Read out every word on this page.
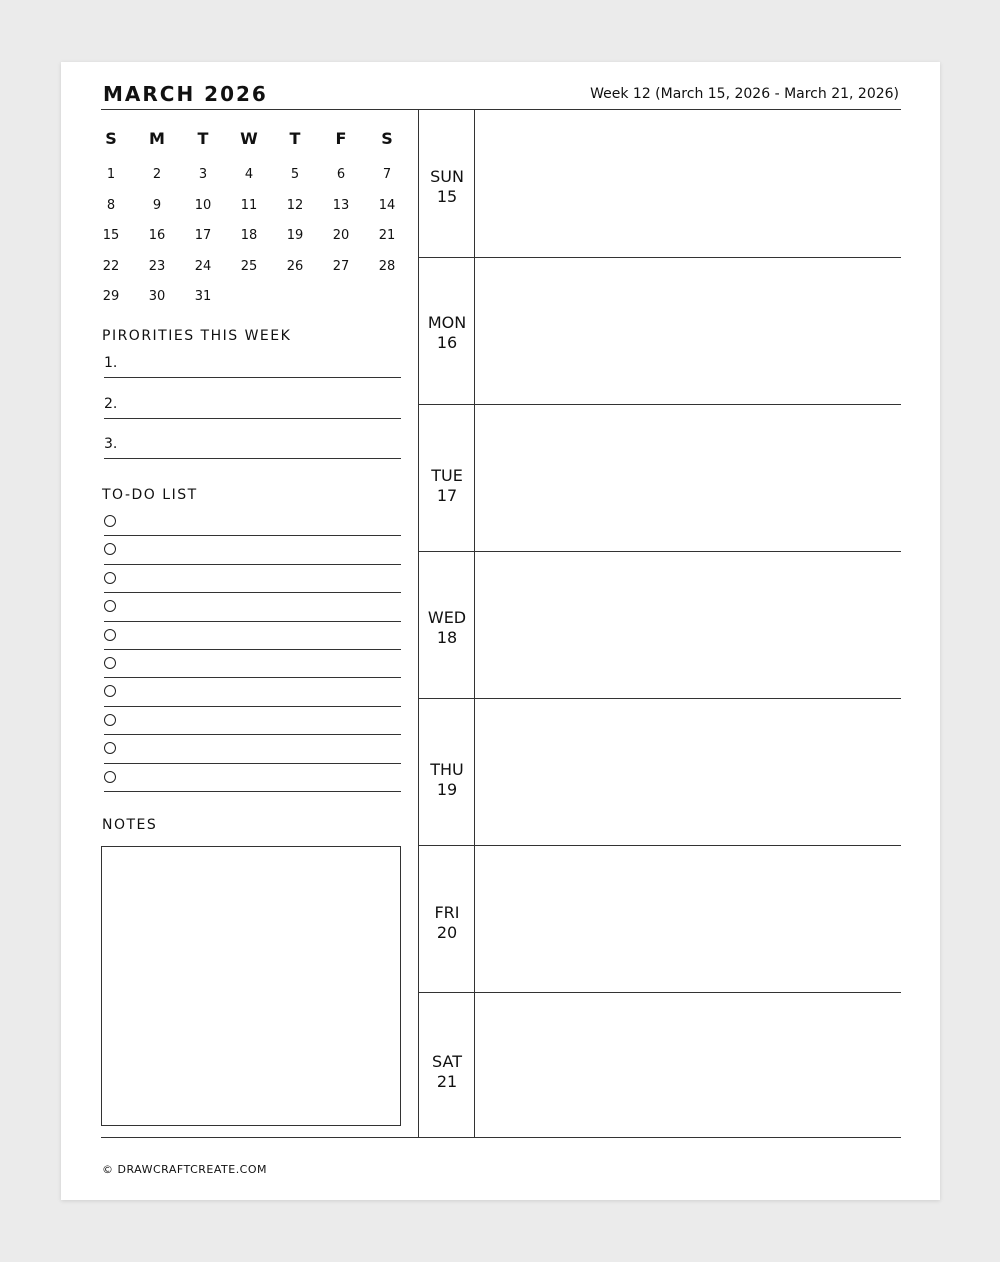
MARCH 2026	Week 12 (March 15, 2026 - March 21, 2026)
S	M	T	W	T	F	S
1	2	3	4	5	6	7
8	9	10	11	12	13	14
15	16	17	18	19	20	21
22	23	24	25	26	27	28
29	30	31
PIRORITIES THIS WEEK
1.
2.
3.
TO-DO LIST
NOTES
SUN
15
MON
16
TUE
17
WED
18
THU
19
FRI
20
SAT
21
© DRAWCRAFTCREATE.COM
